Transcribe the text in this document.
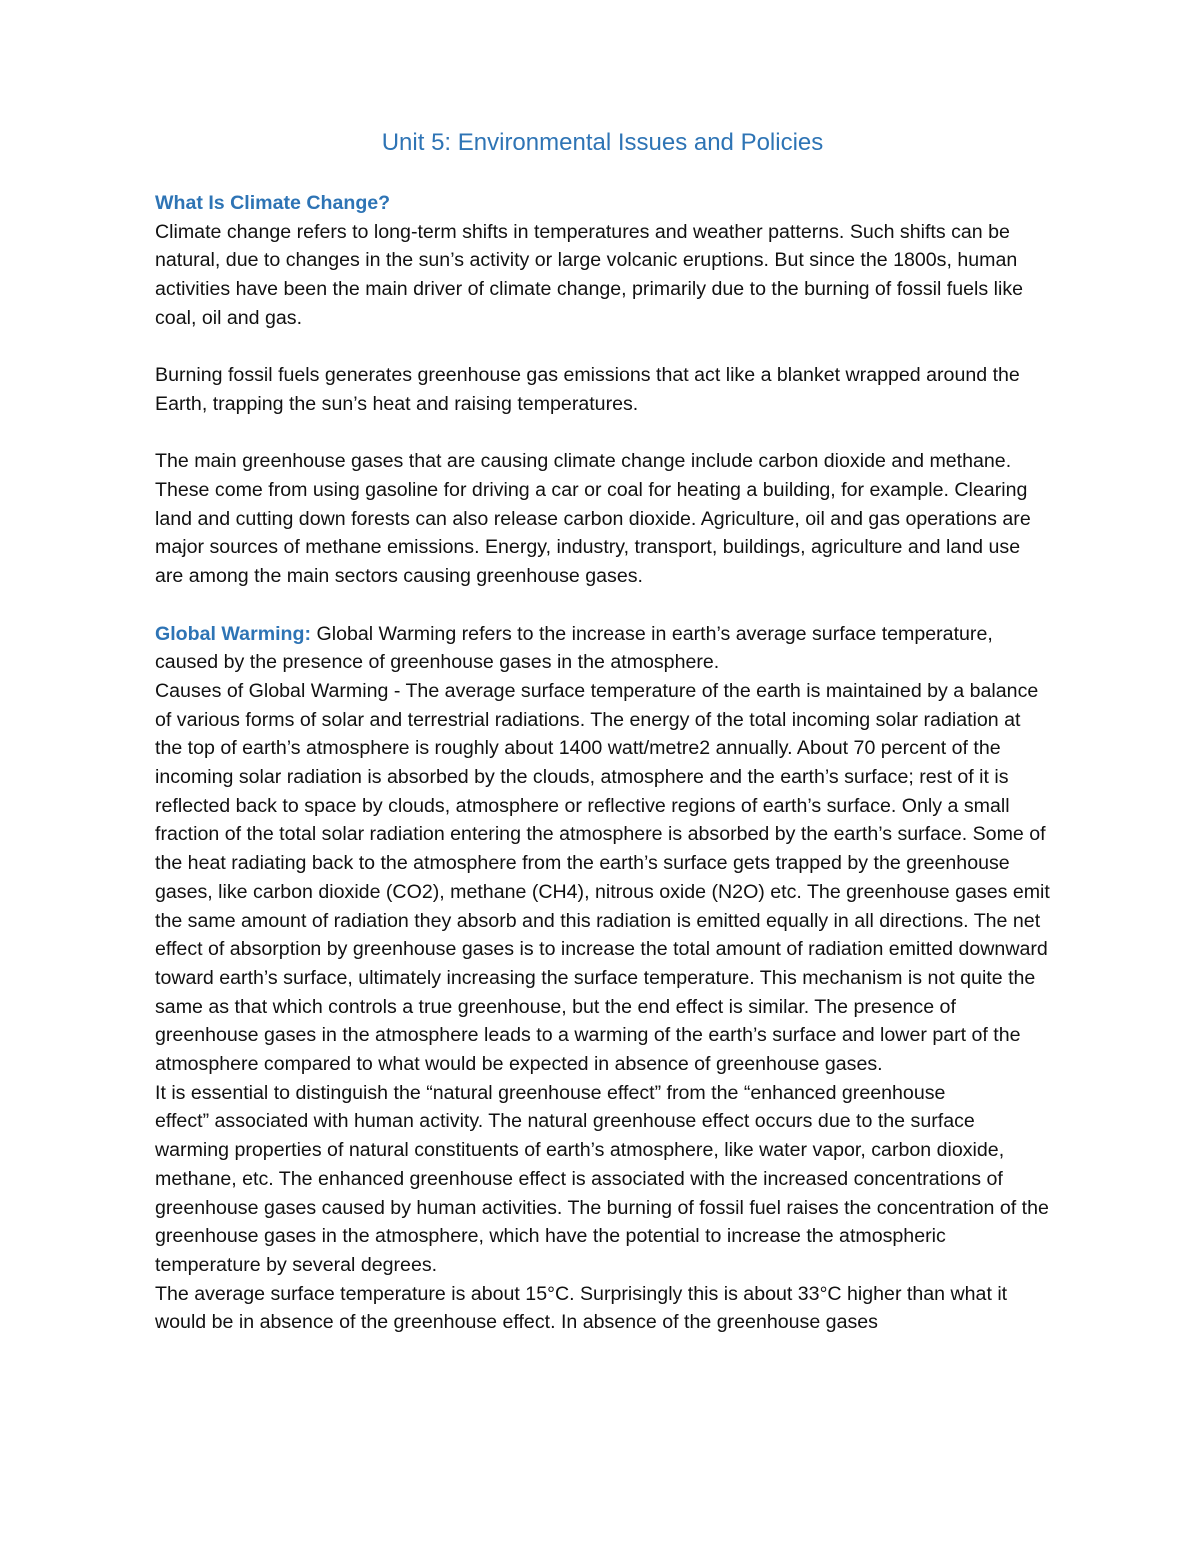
Unit 5: Environmental Issues and Policies
What Is Climate Change?

Climate change refers to long-term shifts in temperatures and weather patterns. Such shifts can be natural, due to changes in the sun’s activity or large volcanic eruptions. But since the 1800s, human activities have been the main driver of climate change, primarily due to the burning of fossil fuels like coal, oil and gas.

Burning fossil fuels generates greenhouse gas emissions that act like a blanket wrapped around the Earth, trapping the sun’s heat and raising temperatures.

The main greenhouse gases that are causing climate change include carbon dioxide and methane. These come from using gasoline for driving a car or coal for heating a building, for example. Clearing land and cutting down forests can also release carbon dioxide. Agriculture, oil and gas operations are major sources of methane emissions. Energy, industry, transport, buildings, agriculture and land use are among the main sectors causing greenhouse gases.

Global Warming: Global Warming refers to the increase in earth’s average surface temperature, caused by the presence of greenhouse gases in the atmosphere.

Causes of Global Warming - The average surface temperature of the earth is maintained by a balance of various forms of solar and terrestrial radiations. The energy of the total incoming solar radiation at the top of earth’s atmosphere is roughly about 1400 watt/metre2 annually. About 70 percent of the incoming solar radiation is absorbed by the clouds, atmosphere and the earth’s surface; rest of it is reflected back to space by clouds, atmosphere or reflective regions of earth’s surface. Only a small fraction of the total solar radiation entering the atmosphere is absorbed by the earth’s surface. Some of the heat radiating back to the atmosphere from the earth’s surface gets trapped by the greenhouse gases, like carbon dioxide (CO2), methane (CH4), nitrous oxide (N2O) etc. The greenhouse gases emit the same amount of radiation they absorb and this radiation is emitted equally in all directions. The net effect of absorption by greenhouse gases is to increase the total amount of radiation emitted downward toward earth’s surface, ultimately increasing the surface temperature. This mechanism is not quite the same as that which controls a true greenhouse, but the end effect is similar. The presence of greenhouse gases in the atmosphere leads to a warming of the earth’s surface and lower part of the atmosphere compared to what would be expected in absence of greenhouse gases.

It is essential to distinguish the “natural greenhouse effect” from the “enhanced greenhouse

effect” associated with human activity. The natural greenhouse effect occurs due to the surface warming properties of natural constituents of earth’s atmosphere, like water vapor, carbon dioxide, methane, etc. The enhanced greenhouse effect is associated with the increased concentrations of greenhouse gases caused by human activities. The burning of fossil fuel raises the concentration of the greenhouse gases in the atmosphere, which have the potential to increase the atmospheric temperature by several degrees.

The average surface temperature is about 15°C. Surprisingly this is about 33°C higher than what it would be in absence of the greenhouse effect. In absence of the greenhouse gases
